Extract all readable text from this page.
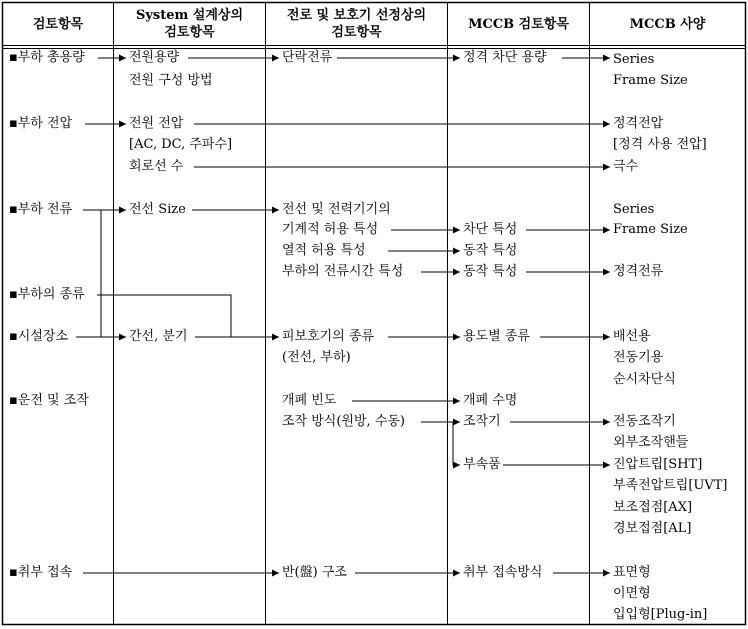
검토항목
System 설계상의
검토항목
전로 및 보호기 선정상의
검토항목
MCCB 검토항목	MCCB 사양
▪부하 총용량
▪부하 전압
▪부하 전류
▪부하의 종류
▪시설장소
▪운전 및 조작
▪취부 접속
전원용량
전원 구성 방법
전원 전압
[AC, DC, 주파수]
회로선 수
전선 Size
간선, 분기
단락전류
전선 및 전력기기의
기계적 허용 특성
열적 허용 특성
부하의 전류시간 특성
피보호기의 종류
(전선, 부하)
개폐 빈도
조작 방식(원방, 수동)
반(盤) 구조
정격 차단 용량
차단 특성
동작 특성
동작 특성
용도별 종류
개폐 수명
조작기
부속품
취부 접속방식
Series
Frame Size
정격전압
[정격 사용 전압]
극수
Series
Frame Size
정격전류
배선용
전동기용
순시차단식
전동조작기
외부조작핸들
진압트립[SHT]
부족전압트립[UVT]
보조접점[AX]
경보접점[AL]
표면형
이면형
입입형[Plug-in]
